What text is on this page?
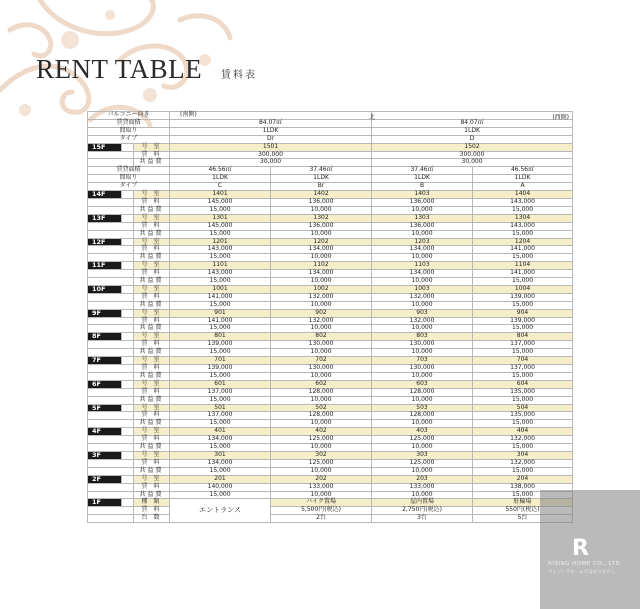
RENT TABLE 賃料表
バルコニー向き			(南側)		北 (西側)	

賃貸面積			84.07㎡		84.07㎡	
間取り			1LDK		1LDK	
タイプ			Dr		D	
15F		号 室	1501		1502	
		賃 料	300,000		300,000	
		共益費	30,000		30,000	
賃貸面積			46.56㎡	37.46㎡	37.46㎡	46.56㎡
間取り			1LDK	1LDK	1LDK	1LDK
タイプ			C	Br	B	A
14F		号 室	1401	1402	1403	1404
		賃 料	145,000	136,000	136,000	143,000
		共益費	15,000	10,000	10,000	15,000
13F		号 室	1301	1302	1303	1304
		賃 料	145,000	136,000	136,000	143,000
		共益費	15,000	10,000	10,000	15,000
12F		号 室	1201	1202	1203	1204
		賃 料	143,000	134,000	134,000	141,000
		共益費	15,000	10,000	10,000	15,000
11F		号 室	1101	1102	1103	1104
		賃 料	143,000	134,000	134,000	141,000
		共益費	15,000	10,000	10,000	15,000
10F		号 室	1001	1002	1003	1004
		賃 料	141,000	132,000	132,000	139,000
		共益費	15,000	10,000	10,000	15,000
9F		号 室	901	902	903	904
		賃 料	141,000	132,000	132,000	139,000
		共益費	15,000	10,000	10,000	15,000
8F		号 室	801	802	803	804
		賃 料	139,000	130,000	130,000	137,000
		共益費	15,000	10,000	10,000	15,000
7F		号 室	701	702	703	704
		賃 料	139,000	130,000	130,000	137,000
		共益費	15,000	10,000	10,000	15,000
6F		号 室	601	602	603	604
		賃 料	137,000	128,000	128,000	135,000
		共益費	15,000	10,000	10,000	15,000
5F		号 室	501	502	503	504
		賃 料	137,000	128,000	128,000	135,000
		共益費	15,000	10,000	10,000	15,000
4F		号 室	401	402	403	404
		賃 料	134,000	125,000	125,000	132,000
		共益費	15,000	10,000	10,000	15,000
3F		号 室	301	302	303	304
		賃 料	134,000	125,000	125,000	132,000
		共益費	15,000	10,000	10,000	15,000
2F		号 室	201	202	203	204
		賃 料	140,000	133,000	133,000	138,000
		共益費	15,000	10,000	10,000	15,000
1F		種 類	エントランス	バイク置場	屋内置場	駐輪場
		賃 料		5,500円(税込)	2,750円(税込)	550円(税込)
		台 数		2台	3台	5台
R
RISING HOME CO., LTD.
ライジングホームではありません
